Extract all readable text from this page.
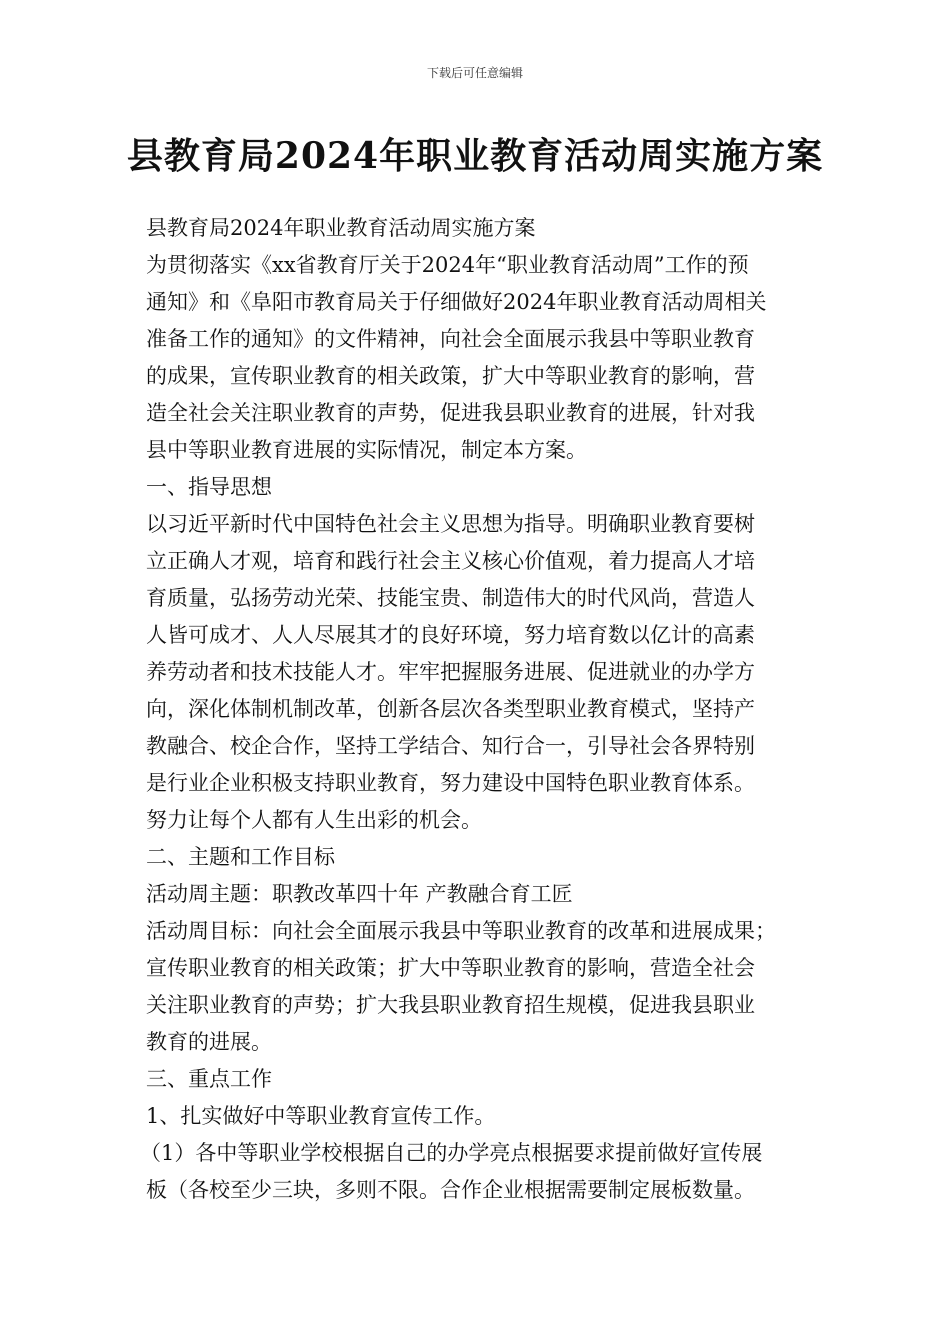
下载后可任意编辑
县教育局2024年职业教育活动周实施方案
县教育局2024年职业教育活动周实施方案
为贯彻落实《xx省教育厅关于2024年“职业教育活动周”工作的预
通知》和《阜阳市教育局关于仔细做好2024年职业教育活动周相关
准备工作的通知》的文件精神，向社会全面展示我县中等职业教育
的成果，宣传职业教育的相关政策，扩大中等职业教育的影响，营
造全社会关注职业教育的声势，促进我县职业教育的进展，针对我
县中等职业教育进展的实际情况，制定本方案。
一、指导思想
以习近平新时代中国特色社会主义思想为指导。明确职业教育要树
立正确人才观，培育和践行社会主义核心价值观，着力提高人才培
育质量，弘扬劳动光荣、技能宝贵、制造伟大的时代风尚，营造人
人皆可成才、人人尽展其才的良好环境，努力培育数以亿计的高素
养劳动者和技术技能人才。牢牢把握服务进展、促进就业的办学方
向，深化体制机制改革，创新各层次各类型职业教育模式，坚持产
教融合、校企合作，坚持工学结合、知行合一，引导社会各界特别
是行业企业积极支持职业教育，努力建设中国特色职业教育体系。
努力让每个人都有人生出彩的机会。
二、主题和工作目标
活动周主题：职教改革四十年 产教融合育工匠
活动周目标：向社会全面展示我县中等职业教育的改革和进展成果；
宣传职业教育的相关政策；扩大中等职业教育的影响，营造全社会
关注职业教育的声势；扩大我县职业教育招生规模，促进我县职业
教育的进展。
三、重点工作
1、扎实做好中等职业教育宣传工作。
（1）各中等职业学校根据自己的办学亮点根据要求提前做好宣传展
板（各校至少三块，多则不限。合作企业根据需要制定展板数量。
